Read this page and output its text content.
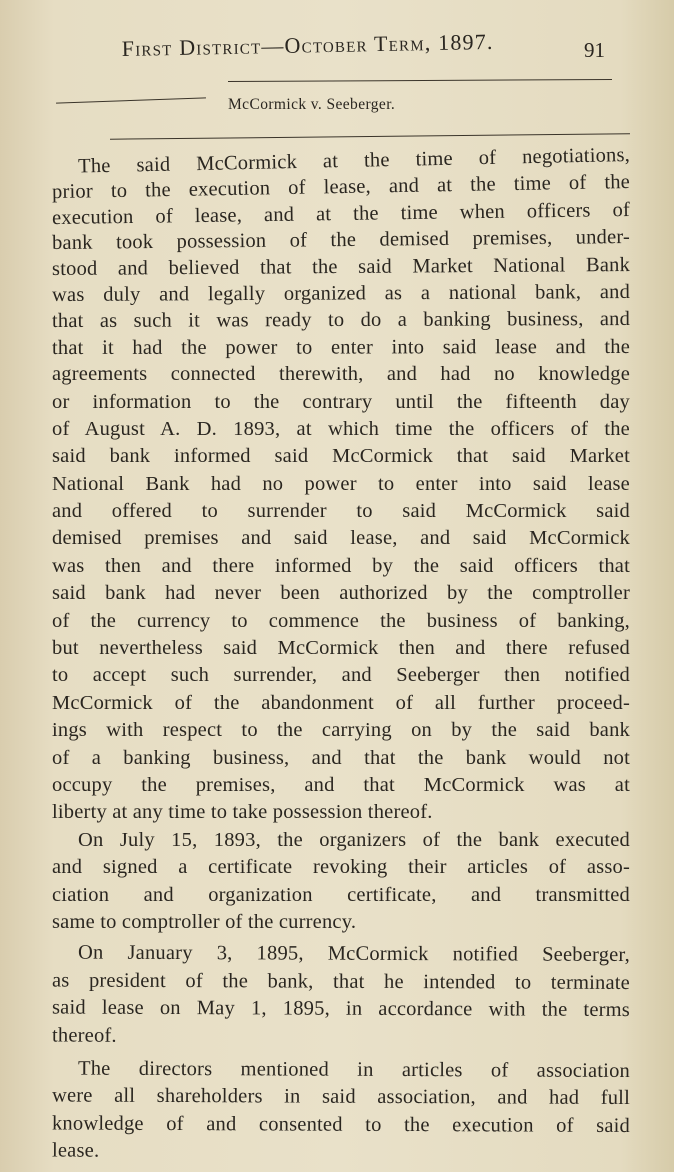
First District—October Term, 1897.	91
McCormick v. Seeberger.
The said McCormick at the time of negotiations,
prior to the execution of lease, and at the time of the
execution of lease, and at the time when officers of
bank took possession of the demised premises, under-
stood and believed that the said Market National Bank
was duly and legally organized as a national bank, and
that as such it was ready to do a banking business, and
that it had the power to enter into said lease and the
agreements connected therewith, and had no knowledge
or information to the contrary until the fifteenth day
of August A. D. 1893, at which time the officers of the
said bank informed said McCormick that said Market
National Bank had no power to enter into said lease
and offered to surrender to said McCormick said
demised premises and said lease, and said McCormick
was then and there informed by the said officers that
said bank had never been authorized by the comptroller
of the currency to commence the business of banking,
but nevertheless said McCormick then and there refused
to accept such surrender, and Seeberger then notified
McCormick of the abandonment of all further proceed-
ings with respect to the carrying on by the said bank
of a banking business, and that the bank would not
occupy the premises, and that McCormick was at
liberty at any time to take possession thereof.
On July 15, 1893, the organizers of the bank executed
and signed a certificate revoking their articles of asso-
ciation and organization certificate, and transmitted
same to comptroller of the currency.
On January 3, 1895, McCormick notified Seeberger,
as president of the bank, that he intended to terminate
said lease on May 1, 1895, in accordance with the terms
thereof.
The directors mentioned in articles of association
were all shareholders in said association, and had full
knowledge of and consented to the execution of said
lease.
